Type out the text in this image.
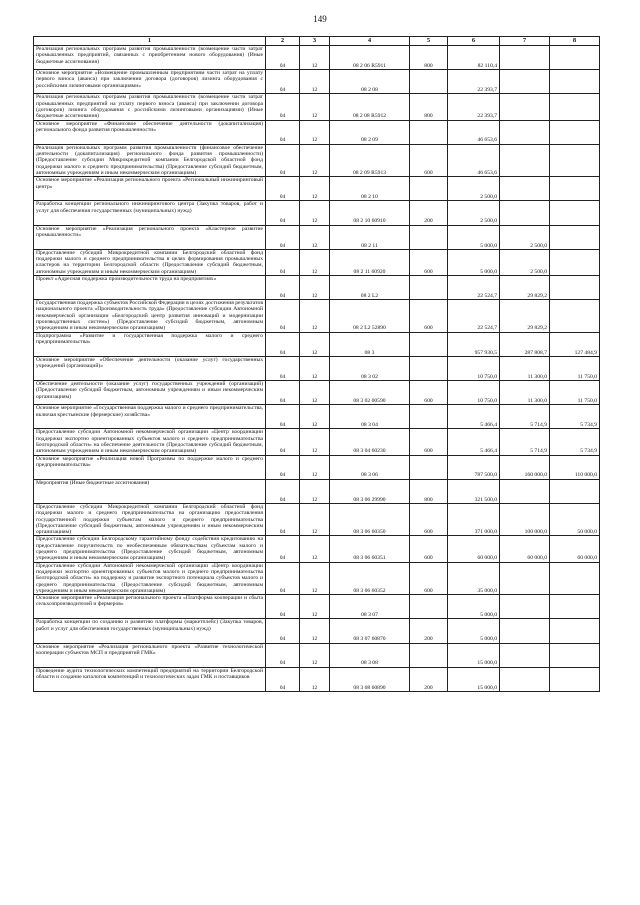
149
1	2	3	4	5	6	7	8
Реализация региональных программ развития промышленности (возмещение части затрат промышленных предприятий, связанных с приобретением нового оборудования) (Иные бюджетные ассигнования)	04	12	08 2 06 R5911	800	82 110,4		
Основное мероприятие «Возмещение промышленным предприятиям части затрат на уплату первого взноса (аванса) при заключении договора (договоров) лизинга оборудования с российскими лизинговыми организациями»	04	12	08 2 08		22 393,7		
Реализация региональных программ развития промышленности (возмещение части затрат промышленных предприятий на уплату первого взноса (аванса) при заключении договора (договоров) лизинга оборудования с российскими лизинговыми организациями) (Иные бюджетные ассигнования)	04	12	08 2 08 R5912	800	22 393,7		
Основное мероприятие «Финансовое обеспечение деятельности (докапитализация) регионального фонда развития промышленности»	04	12	08 2 09		46 653,6		
Реализация региональных программ развития промышленности (финансовое обеспечение деятельности (докапитализация) регионального фонда развития промышленности) (Предоставление субсидии Микрокредитной компании Белгородской областной фонд поддержки малого и среднего предпринимательства) (Предоставление субсидий бюджетным, автономным учреждениям и иным некоммерческим организациям)	04	12	08 2 09 R5913	600	46 653,6		
Основное мероприятие «Реализация регионального проекта «Региональный инжиниринговый центр»	04	12	08 2 10		2 500,0		
Разработка концепции регионального инжинирингового центра (Закупка товаров, работ и услуг для обеспечения государственных (муниципальных) нужд)	04	12	08 2 10 60910	200	2 500,0		
Основное мероприятие «Реализация регионального проекта «Кластерное развитие промышленности»	04	12	08 2 11		5 000,0	2 500,0	
Предоставление субсидий Микрокредитной компании Белгородский областной фонд поддержки малого и среднего предпринимательства в целях формирования промышленных кластеров на территории Белгородской области (Предоставление субсидий бюджетным, автономным учреждениям и иным некоммерческим организациям)	04	12	08 2 11 60920	600	5 000,0	2 500,0	
Проект «Адресная поддержка производительности труда на предприятиях»	04	12	08 2 L2		22 524,7	29 829,2	
Государственная поддержка субъектов Российской Федерации в целях достижения результатов национального проекта «Производительность труда» (Предоставление субсидии Автономной некоммерческой организации «Белгородский центр развития инноваций и модернизации производственных систем») (Предоставление субсидий бюджетным, автономным учреждениям и иным некоммерческим организациям)	04	12	08 2 L2 52890	600	22 524,7	29 829,2	
Подпрограмма «Развитие и государственная поддержка малого и среднего предпринимательства»	04	12	08 3		957 930,5	287 808,7	127 484,9
Основное мероприятие «Обеспечение деятельности (оказание услуг) государственных учреждений (организаций)»	04	12	08 3 02		10 750,0	11 300,0	11 750,0
Обеспечение деятельности (оказание услуг) государственных учреждений (организаций) (Предоставление субсидий бюджетным, автономным учреждениям и иным некоммерческим организациям)	04	12	08 3 02 00590	600	10 750,0	11 300,0	11 750,0
Основное мероприятие «Государственная поддержка малого и среднего предпринимательства, включая крестьянские (фермерские) хозяйства»	04	12	08 3 04		5 466,4	5 714,9	5 734,9
Предоставление субсидии Автономной некоммерческой организации «Центр координации поддержки экспортно ориентированных субъектов малого и среднего предпринимательства Белгородской области» на обеспечение деятельности (Предоставление субсидий бюджетным, автономным учреждениям и иным некоммерческим организациям)	04	12	08 3 04 60230	600	5 466,4	5 714,9	5 734,9
Основное мероприятие «Реализация новой Программы по поддержке малого и среднего предпринимательства»	04	12	08 3 06		787 500,0	160 000,0	110 000,0
Мероприятия (Иные бюджетные ассигнования)	04	12	08 3 06 29990	800	321 500,0		
Предоставление субсидии Микрокредитной компании Белгородский областной фонд поддержки малого и среднего предпринимательства на организацию предоставления государственной поддержки субъектам малого и среднего предпринимательства (Предоставление субсидий бюджетным, автономным учреждениям и иным некоммерческим организациям)	04	12	08 3 06 60350	600	371 000,0	100 000,0	50 000,0
Предоставление субсидии Белгородскому гарантийному фонду содействия кредитованию на предоставление поручительств по необеспеченным обязательствам субъектам малого и среднего предпринимательства (Предоставление субсидий бюджетным, автономным учреждениям и иным некоммерческим организациям)	04	12	08 3 06 60351	600	60 000,0	60 000,0	60 000,0
Предоставление субсидии Автономной некоммерческой организации «Центр координации поддержки экспортно ориентированных субъектов малого и среднего предпринимательства Белгородской области» на поддержку и развитие экспортного потенциала субъектов малого и среднего предпринимательства (Предоставление субсидий бюджетным, автономным учреждениям и иным некоммерческим организациям)	04	12	08 3 06 60352	600	35 000,0		
Основное мероприятие «Реализация регионального проекта «Платформа кооперации и сбыта сельхозпроизводителей и фермеров»	04	12	08 3 07		5 000,0		
Разработка концепции по созданию и развитию платформы (маркетплейс) (Закупка товаров, работ и услуг для обеспечения государственных (муниципальных) нужд)	04	12	08 3 07 60870	200	5 000,0		
Основное мероприятие «Реализация регионального проекта «Развитие технологической кооперации субъектов МСП и предприятий ГМК»	04	12	08 3 08		15 000,0		
Проведение аудита технологических компетенций предприятий на территории Белгородской области и создание каталогов компетенций и технологических задач ГМК и поставщиков	04	12	08 3 08 60890	200	15 000,0		
